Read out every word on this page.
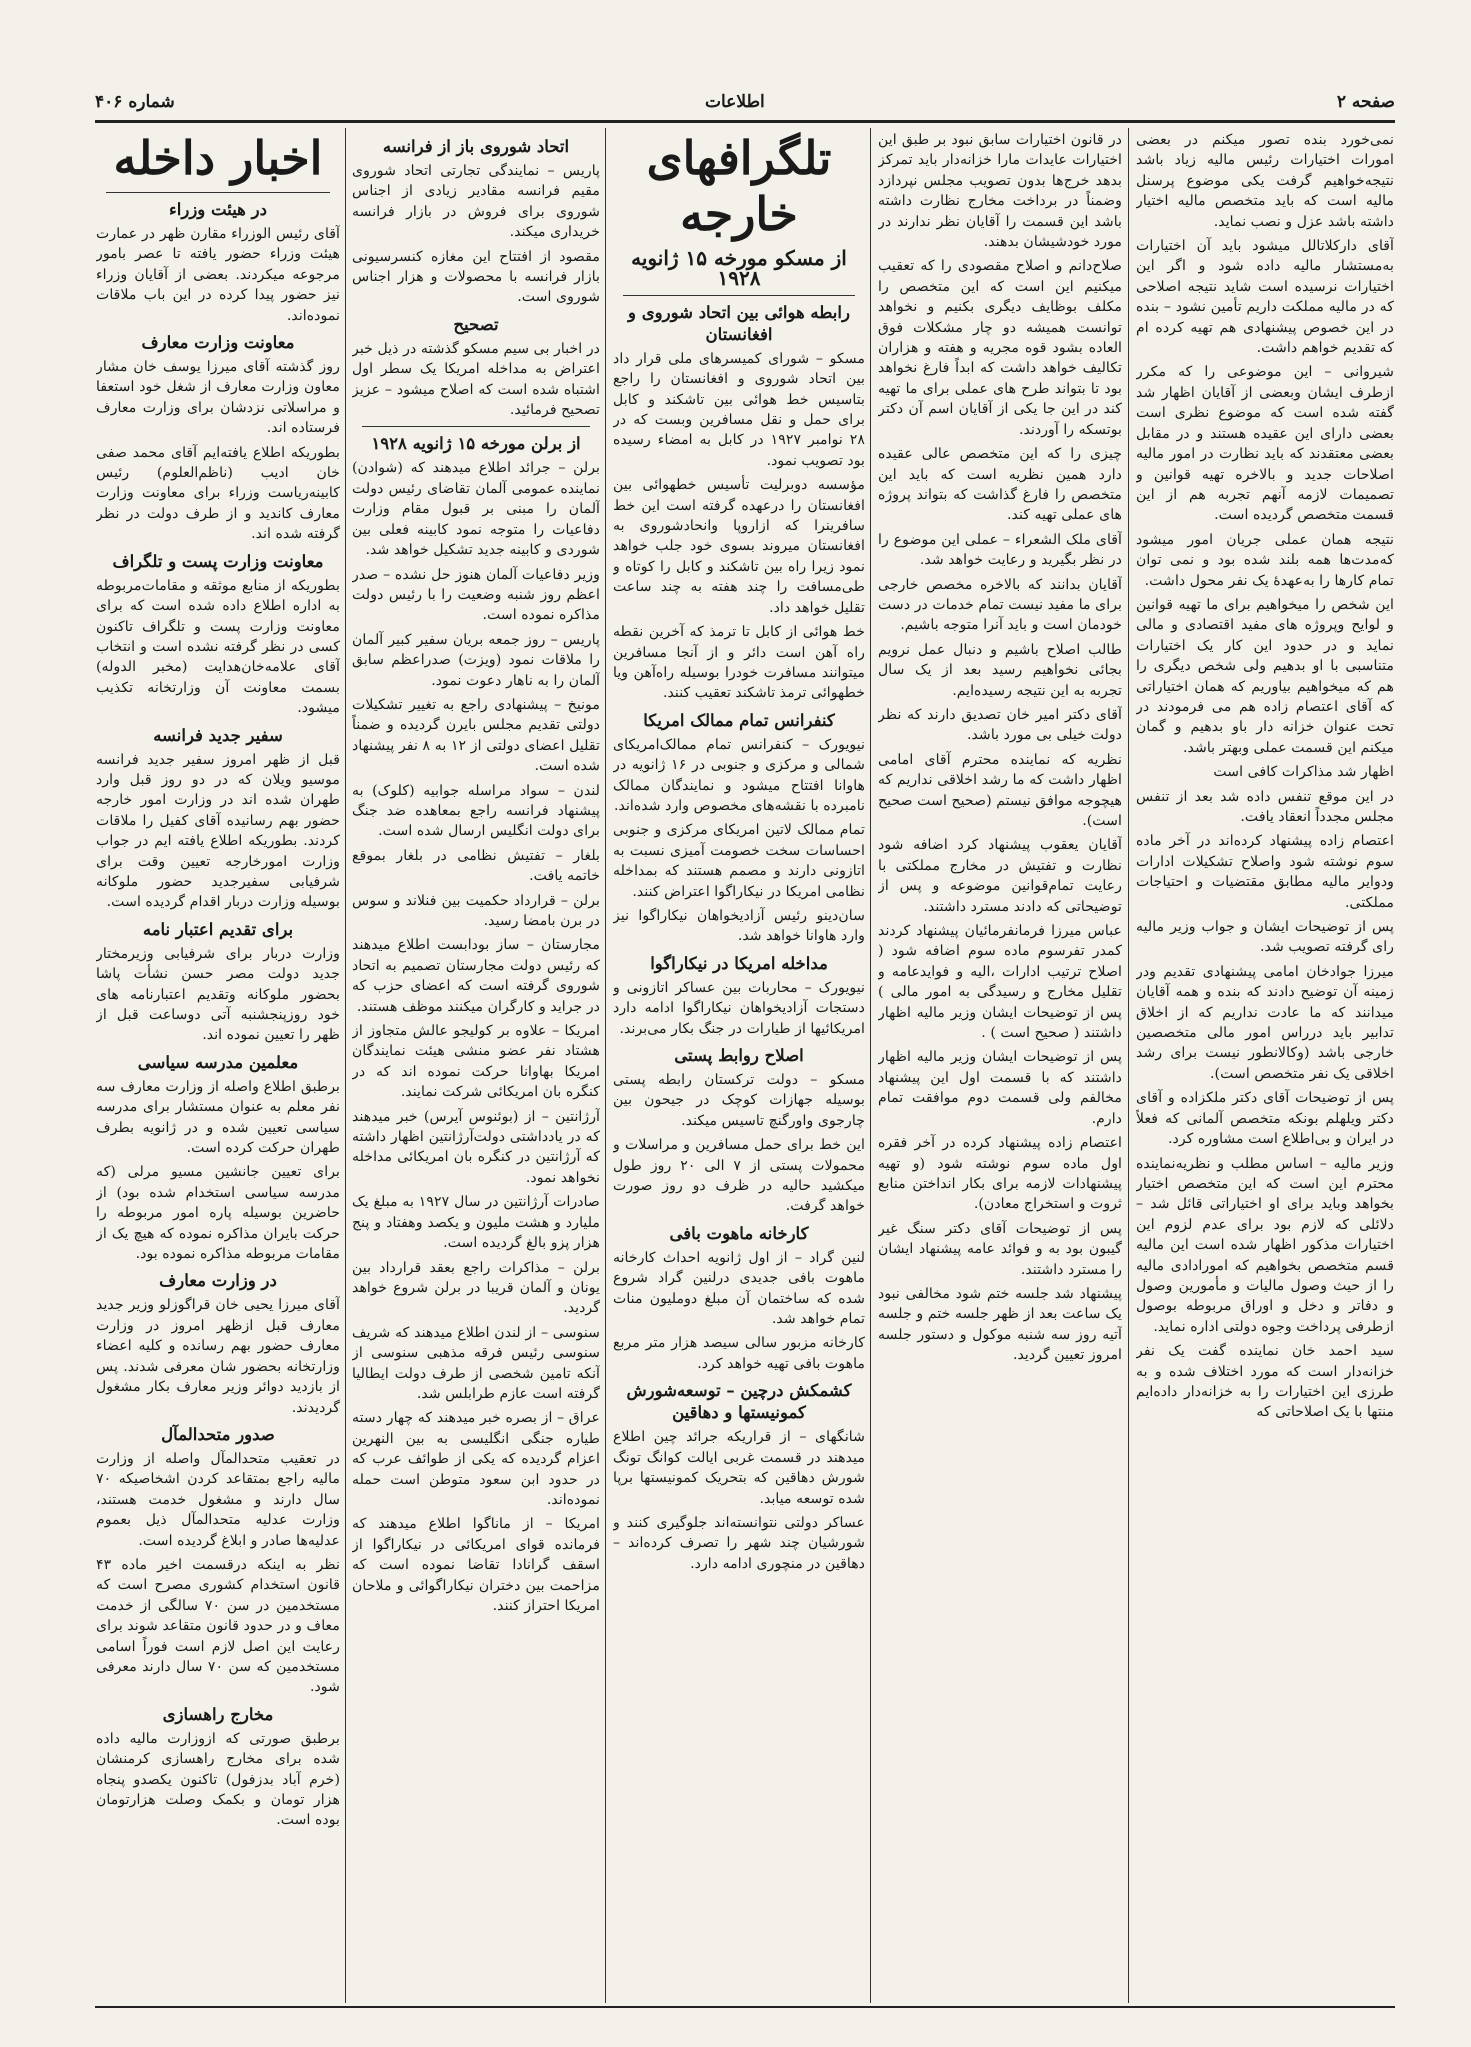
شماره ۴۰۶	اطلاعات	صفحه ۲

نمی‌خورد بنده تصور میکنم در بعضی امورات اختیارات رئیس مالیه زیاد باشد نتیجه‌خواهیم گرفت یکی موضوع پرسنل مالیه است که باید متخصص مالیه اختیار داشته باشد عزل و نصب نماید.

آقای دارکلاتالل میشود باید آن اختیارات به‌مستشار مالیه داده شود و اگر این اختیارات نرسیده است شاید نتیجه اصلاحی که در مالیه مملکت داریم تأمین نشود – بنده در این خصوص پیشنهادی هم تهیه کرده ام که تقدیم خواهم داشت.

شیروانی – این موضوعی را که مکرر ازطرف ایشان وبعضی از آقایان اظهار شد گفته شده است که موضوع نظری است بعضی دارای این عقیده هستند و در مقابل بعضی معتقدند که باید نظارت در امور مالیه اصلاحات جدید و بالاخره تهیه قوانین و تصمیمات لازمه آنهم تجربه هم از این قسمت متخصص گردیده است.

نتیجه همان عملی جریان امور میشود که‌مدت‌ها همه بلند شده بود و نمی توان تمام کارها را به‌عهدهٔ یک نفر محول داشت.

این شخص را میخواهیم برای ما تهیه قوانین و لوایح وپروژه های مفید اقتصادی و مالی نماید و در حدود این کار یک اختیارات متناسبی با او بدهیم ولی شخص دیگری را هم که میخواهیم بیاوریم که همان اختیاراتی که آقای اعتصام زاده هم می فرمودند در تحت عنوان خزانه دار باو بدهیم و گمان میکنم این قسمت عملی وبهتر باشد.

اظهار شد مذاکرات کافی است

در این موقع تنفس داده شد بعد از تنفس مجلس مجدداً انعقاد یافت.

اعتصام زاده پیشنهاد کرده‌اند در آخر ماده سوم نوشته شود واصلاح تشکیلات ادارات ودوایر مالیه مطابق مقتضیات و احتیاجات مملکتی.

پس از توضیحات ایشان و جواب وزیر مالیه رای گرفته تصویب شد.

میرزا جوادخان امامی پیشنهادی تقدیم ودر زمینه آن توضیح دادند که بنده و همه آقایان میدانند که ما عادت نداریم که از اخلاق تدابیر باید درراس امور مالی متخصصین خارجی باشد (وکالانطور نیست برای رشد اخلاقی یک نفر متخصص است).

پس از توضیحات آقای دکتر ملکزاده و آقای دکتر ویلهلم بونکه متخصص آلمانی که فعلاً در ایران و بی‌اطلاع است مشاوره کرد.

وزیر مالیه – اساس مطلب و نظریه‌نماینده محترم این است که این متخصص اختیار بخواهد وباید برای او اختیاراتی قائل شد – دلائلی که لازم بود برای عدم لزوم این اختیارات مذکور اظهار شده است این مالیه قسم متخصص بخواهیم که امورادادی مالیه را از حیث وصول مالیات و مأمورین وصول و دفاتر و دخل و اوراق مربوطه بوصول ازطرفی پرداخت وجوه دولتی اداره نماید.

سید احمد خان نماینده گفت یک نفر خزانه‌دار است که مورد اختلاف شده و به طرزی این اختیارات را به خزانه‌دار داده‌ایم منتها با یک اصلاحاتی که

در قانون اختیارات سابق نبود بر طبق این اختیارات عایدات مارا خزانه‌دار باید تمرکز بدهد خرج‌ها بدون تصویب مجلس نپردازد وضمناً در برداخت مخارج نظارت داشته باشد این قسمت را آقایان نظر ندارند در مورد خودشیشان بدهند.

صلاح‌دانم و اصلاح مقصودی را که تعقیب میکنیم این است که این متخصص را مکلف بوظایف دیگری بکنیم و نخواهد توانست همیشه دو چار مشکلات فوق العاده بشود قوه مجریه و هفته و هزاران تکالیف خواهد داشت که ابداً فارغ نخواهد بود تا بتواند طرح های عملی برای ما تهیه کند در این جا یکی از آقایان اسم آن دکتر بوتسکه را آوردند.

چیزی را که این متخصص عالی عقیده دارد همین نظریه است که باید این متخصص را فارغ گذاشت که بتواند پروژه های عملی تهیه کند.

آقای ملک الشعراء – عملی این موضوع را در نظر بگیرید و رعایت خواهد شد.

آقایان بدانند که بالاخره مخصص خارجی برای ما مفید نیست تمام خدمات در دست خودمان است و باید آنرا متوجه باشیم.

طالب اصلاح باشیم و دنبال عمل نرویم بجائی نخواهیم رسید بعد از یک سال تجربه به این نتیجه رسیده‌ایم.

آقای دکتر امیر خان تصدیق دارند که نظر دولت خیلی بی مورد باشد.

نظریه که نماینده محترم آقای امامی اظهار داشت که ما رشد اخلاقی نداریم که هیچوجه موافق نیستم (صحیح است صحیح است).

آقایان یعقوب پیشنهاد کرد اضافه شود نظارت و تفتیش در مخارج مملکتی با رعایت تمام‌قوانین موضوعه و پس از توضیحاتی که دادند مسترد داشتند.

عباس میرزا فرمانفرمائیان پیشنهاد کردند کمدر تفرسوم ماده سوم اضافه شود ( اصلاح ترتیب ادارات ،الیه و فوایدعامه و تقلیل مخارج و رسیدگی به امور مالی ) پس از توضیحات ایشان وزیر مالیه اظهار داشتند ( صحیح است ) .

پس از توضیحات ایشان وزیر مالیه اظهار داشتند که با قسمت اول این پیشنهاد مخالفم ولی قسمت دوم موافقت تمام دارم.

اعتصام زاده پیشنهاد کرده در آخر فقره اول ماده سوم نوشته شود (و تهیه پیشنهادات لازمه برای بکار انداختن منابع ثروت و استخراج معادن).

پس از توضیحات آقای دکتر سنگ غیر گیبون بود به و فوائد عامه پیشنهاد ایشان را مسترد داشتند.

پیشنهاد شد جلسه ختم شود مخالفی نبود یک ساعت بعد از ظهر جلسه ختم و جلسه آتیه روز سه شنبه موکول و دستور جلسه امروز تعیین گردید.

تلگرافهای خارجه
از مسکو مورخه ۱۵ ژانویه ۱۹۲۸
رابطه هوائی بین اتحاد شوروی و افغانستان

مسکو – شورای کمیسرهای ملی قرار داد بین اتحاد شوروی و افغانستان را راجع بتاسیس خط هوائی بین تاشکند و کابل برای حمل و نقل مسافرین وبست که در ۲۸ نوامبر ۱۹۲۷ در کابل به امضاء رسیده بود تصویب نمود.

مؤسسه دوبرلیت تأسیس خطهوائی بین افغانستان را درعهده گرفته است این خط سافرینرا که ازاروپا وانحادشوروی به افغانستان میروند بسوی خود جلب خواهد نمود زیرا راه بین تاشکند و کابل را کوتاه و طی‌مسافت را چند هفته به چند ساعت تقلیل خواهد داد.

خط هوائی از کابل تا ترمذ که آخرین نقطه راه آهن است دائر و از آنجا مسافرین میتوانند مسافرت خودرا بوسیله راه‌آهن ویا خطهوائی ترمذ تاشکند تعقیب کنند.

کنفرانس تمام ممالک امریکا

نیویورک – کنفرانس تمام ممالک‌امریکای شمالی و مرکزی و جنوبی در ۱۶ ژانویه در هاوانا افتتاح میشود و نمایندگان ممالک نامبرده با نقشه‌های مخصوص وارد شده‌اند.

تمام ممالک لاتین امریکای مرکزی و جنوبی احساسات سخت خصومت آمیزی نسبت به اتازونی دارند و مصمم هستند که بمداخله نظامی امریکا در نیکاراگوا اعتراض کنند.

سان‌دینو رئیس آزادیخواهان نیکاراگوا نیز وارد هاوانا خواهد شد.

مداخله امریکا در نیکاراگوا

نیویورک – محاربات بین عساکر اتازونی و دستجات آزادیخواهان نیکاراگوا ادامه دارد امریکائیها از طیارات در جنگ بکار می‌برند.

اصلاح روابط پستی

مسکو – دولت ترکستان رابطه پستی بوسیله جهازات کوچک در جیحون بین چارجوی واورگنچ تاسیس میکند.

این خط برای حمل مسافرین و مراسلات و محمولات پستی از ۷ الی ۲۰ روز طول میکشید حالیه در ظرف دو روز صورت خواهد گرفت.

کارخانه ماهوت بافی

لنین گراد – از اول ژانویه احداث کارخانه ماهوت بافی جدیدی درلنین گراد شروع شده که ساختمان آن مبلغ دوملیون منات تمام خواهد شد.

کارخانه مزبور سالی سیصد هزار متر مربع ماهوت بافی تهیه خواهد کرد.

کشمکش درچین – توسعه‌شورش کمونیستها و دهاقین

شانگهای – از قراریکه جرائد چین اطلاع میدهند در قسمت غربی ایالت کوانگ تونگ شورش دهاقین که بتحریک کمونیستها برپا شده توسعه میابد.

عساکر دولتی نتوانسته‌اند جلوگیری کنند و شورشیان چند شهر را تصرف کرده‌اند – دهاقین در منچوری ادامه دارد.

اتحاد شوروی باز از فرانسه

پاریس – نمایندگی تجارتی اتحاد شوروی مقیم فرانسه مقادیر زیادی از اجناس شوروی برای فروش در بازار فرانسه خریداری میکند.

مقصود از افتتاح این مغازه کنسرسیونی بازار فرانسه با محصولات و هزار اجناس شوروی است.

تصحیح

در اخبار بی سیم مسکو گذشته در ذیل خبر اعتراض به مداخله امریکا یک سطر اول اشتباه شده است که اصلاح میشود – عزیز تصحیح فرمائید.

از برلن مورخه ۱۵ ژانویه ۱۹۲۸

برلن – جرائد اطلاع میدهند که (شوادن) نماینده عمومی آلمان تقاضای رئیس دولت آلمان را مبنی بر قبول مقام وزارت دفاعیات را متوجه نمود کابینه فعلی بین شوردی و کابینه جدید تشکیل خواهد شد.

وزیر دفاعیات آلمان هنوز حل نشده – صدر اعظم روز شنبه وضعیت را با رئیس دولت مذاکره نموده است.

پاریس – روز جمعه بریان سفیر کبیر آلمان را ملاقات نمود (ویزت) صدراعظم سابق آلمان را به ناهار دعوت نمود.

مونیخ – پیشنهادی راجع به تغییر تشکیلات دولتی تقدیم مجلس بایرن گردیده و ضمناً تقلیل اعضای دولتی از ۱۲ به ۸ نفر پیشنهاد شده است.

لندن – سواد مراسله جوابیه (کلوک) به پیشنهاد فرانسه راجع بمعاهده ضد جنگ برای دولت انگلیس ارسال شده است.

بلغار – تفتیش نظامی در بلغار بموقع خاتمه یافت.

برلن – قرارداد حکمیت بین فنلاند و سوس در برن بامضا رسید.

مجارستان – ساز بودابست اطلاع میدهند که رئیس دولت مجارستان تصمیم به اتحاد شوروی گرفته است که اعضای حزب که در جراید و کارگران میکنند موظف هستند.

امریکا – علاوه بر کولیجو عالش متجاوز از هشتاد نفر عضو منشی هیئت نمایندگان امریکا بهاوانا حرکت نموده اند که در کنگره بان امریکائی شرکت نمایند.

آرژانتین – از (بوئنوس آیرس) خبر میدهند که در یادداشتی دولت‌آرژانتین اظهار داشته که آرژانتین در کنگره بان امریکائی مداخله نخواهد نمود.

صادرات آرژانتین در سال ۱۹۲۷ به مبلغ یک ملیارد و هشت ملیون و یکصد وهفتاد و پنج هزار پزو بالغ گردیده است.

برلن – مذاکرات راجع بعقد قرارداد بین یونان و آلمان قریبا در برلن شروع خواهد گردید.

سنوسی – از لندن اطلاع میدهند که شریف سنوسی رئیس فرقه مذهبی سنوسی از آنکه تامین شخصی از طرف دولت ایطالیا گرفته است عازم طرابلس شد.

عراق – از بصره خبر میدهند که چهار دسته طیاره جنگی انگلیسی به بین النهرین اعزام گردیده که یکی از طوائف عرب که در حدود ابن سعود متوطن است حمله نموده‌اند.

امریکا – از ماناگوا اطلاع میدهند که فرمانده قوای امریکائی در نیکاراگوا از اسقف گرانادا تقاضا نموده است که مزاحمت بین دختران نیکاراگوائی و ملاحان امریکا احتراز کنند.

اخبار داخله
در هیئت وزراء

آقای رئیس الوزراء مقارن ظهر در عمارت هیئت وزراء حضور یافته تا عصر بامور مرجوعه میکردند. بعضی از آقایان وزراء نیز حضور پیدا کرده در این باب ملاقات نموده‌اند.

معاونت وزارت معارف

روز گذشته آقای میرزا یوسف خان مشار معاون وزارت معارف از شغل خود استعفا و مراسلاتی نزدشان برای وزارت معارف فرستاده اند.

بطوریکه اطلاع یافته‌ایم آقای محمد صفی خان ادیب (ناظم‌العلوم) رئیس کابینه‌ریاست وزراء برای معاونت وزارت معارف کاندید و از طرف دولت در نظر گرفته شده اند.

معاونت وزارت پست و تلگراف

بطوریکه از منابع موثقه و مقامات‌مربوطه به اداره اطلاع داده شده است که برای معاونت وزارت پست و تلگراف تاکنون کسی در نظر گرفته نشده است و انتخاب آقای علامه‌خان‌هدایت (مخبر الدوله) بسمت معاونت آن وزارتخانه تکذیب میشود.

سفیر جدید فرانسه

قبل از ظهر امروز سفیر جدید فرانسه موسیو ویلان که در دو روز قبل وارد طهران شده اند در وزارت امور خارجه حضور بهم رسانیده آقای کفیل را ملاقات کردند. بطوریکه اطلاع یافته ایم در جواب وزارت امورخارجه تعیین وقت برای شرفیابی سفیرجدید حضور ملوکانه بوسیله وزارت دربار اقدام گردیده است.

برای تقدیم اعتبار نامه

وزارت دربار برای شرفیابی وزیرمختار جدید دولت مصر حسن نشأت پاشا بحضور ملوکانه وتقدیم اعتبارنامه های خود روزپنجشنبه آتی دوساعت قبل از ظهر را تعیین نموده اند.

معلمین مدرسه سیاسی

برطبق اطلاع واصله از وزارت معارف سه نفر معلم به عنوان مستشار برای مدرسه سیاسی تعیین شده و در ژانویه بطرف طهران حرکت کرده است.

برای تعیین جانشین مسیو مرلی (که مدرسه سیاسی استخدام شده بود) از حاضرین بوسیله پاره امور مربوطه را حرکت بایران مذاکره نموده که هیچ یک از مقامات مربوطه مذاکره نموده بود.

در وزارت معارف

آقای میرزا یحیی خان قراگوزلو وزیر جدید معارف قبل ازظهر امروز در وزارت معارف حضور بهم رسانده و کلیه اعضاء وزارتخانه بحضور شان معرفی شدند. پس از بازدید دوائر وزیر معارف بکار مشغول گردیدند.

صدور متحدالمآل

در تعقیب متحدالمآل واصله از وزارت مالیه راجع بمتقاعد کردن اشخاصیکه ۷۰ سال دارند و مشغول خدمت هستند، وزارت عدلیه متحدالمآل ذیل بعموم عدلیه‌ها صادر و ابلاغ گردیده است.

نظر به اینکه درقسمت اخیر ماده ۴۳ قانون استخدام کشوری مصرح است که مستخدمین در سن ۷۰ سالگی از خدمت معاف و در حدود قانون متقاعد شوند برای رعایت این اصل لازم است فوراً اسامی مستخدمین که سن ۷۰ سال دارند معرفی شود.

مخارج راهسازی

برطبق صورتی که ازوزارت مالیه داده شده برای مخارج راهسازی کرمنشان (خرم آباد بدزفول) تاکنون یکصدو پنجاه هزار تومان و بکمک وصلت هزارتومان بوده است.
